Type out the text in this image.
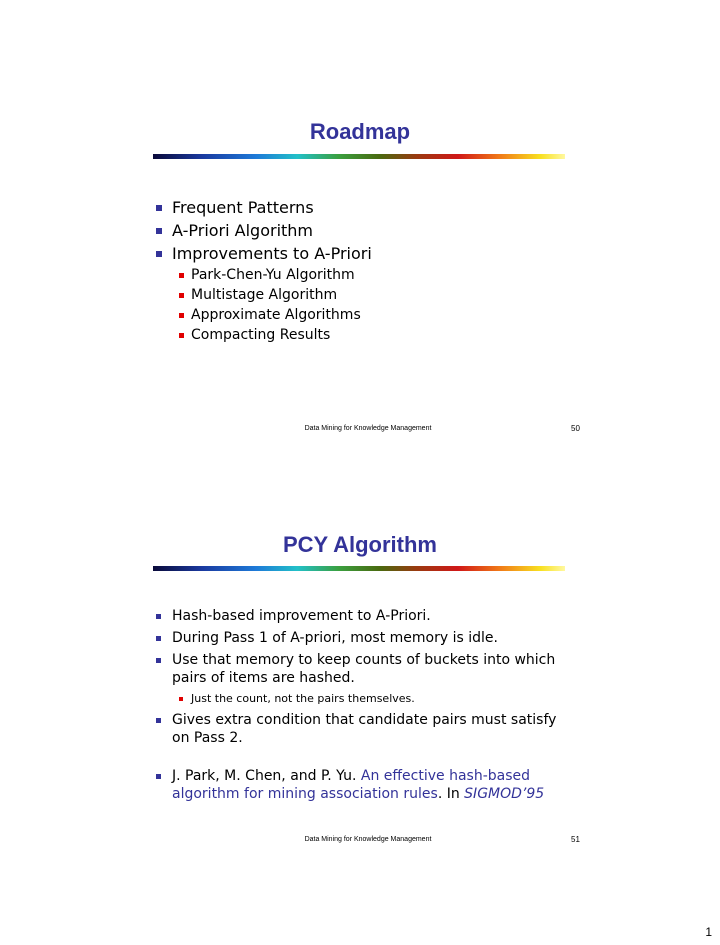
Roadmap
Frequent Patterns
A-Priori Algorithm
Improvements to A-Priori
Park-Chen-Yu Algorithm
Multistage Algorithm
Approximate Algorithms
Compacting Results
Data Mining for Knowledge Management	50
PCY Algorithm
Hash-based improvement to A-Priori.
During Pass 1 of A-priori, most memory is idle.
Use that memory to keep counts of buckets into which pairs of items are hashed.
Just the count, not the pairs themselves.
Gives extra condition that candidate pairs must satisfy on Pass 2.
J. Park, M. Chen, and P. Yu. An effective hash-based algorithm for mining association rules. In SIGMOD’95
Data Mining for Knowledge Management	51
1
